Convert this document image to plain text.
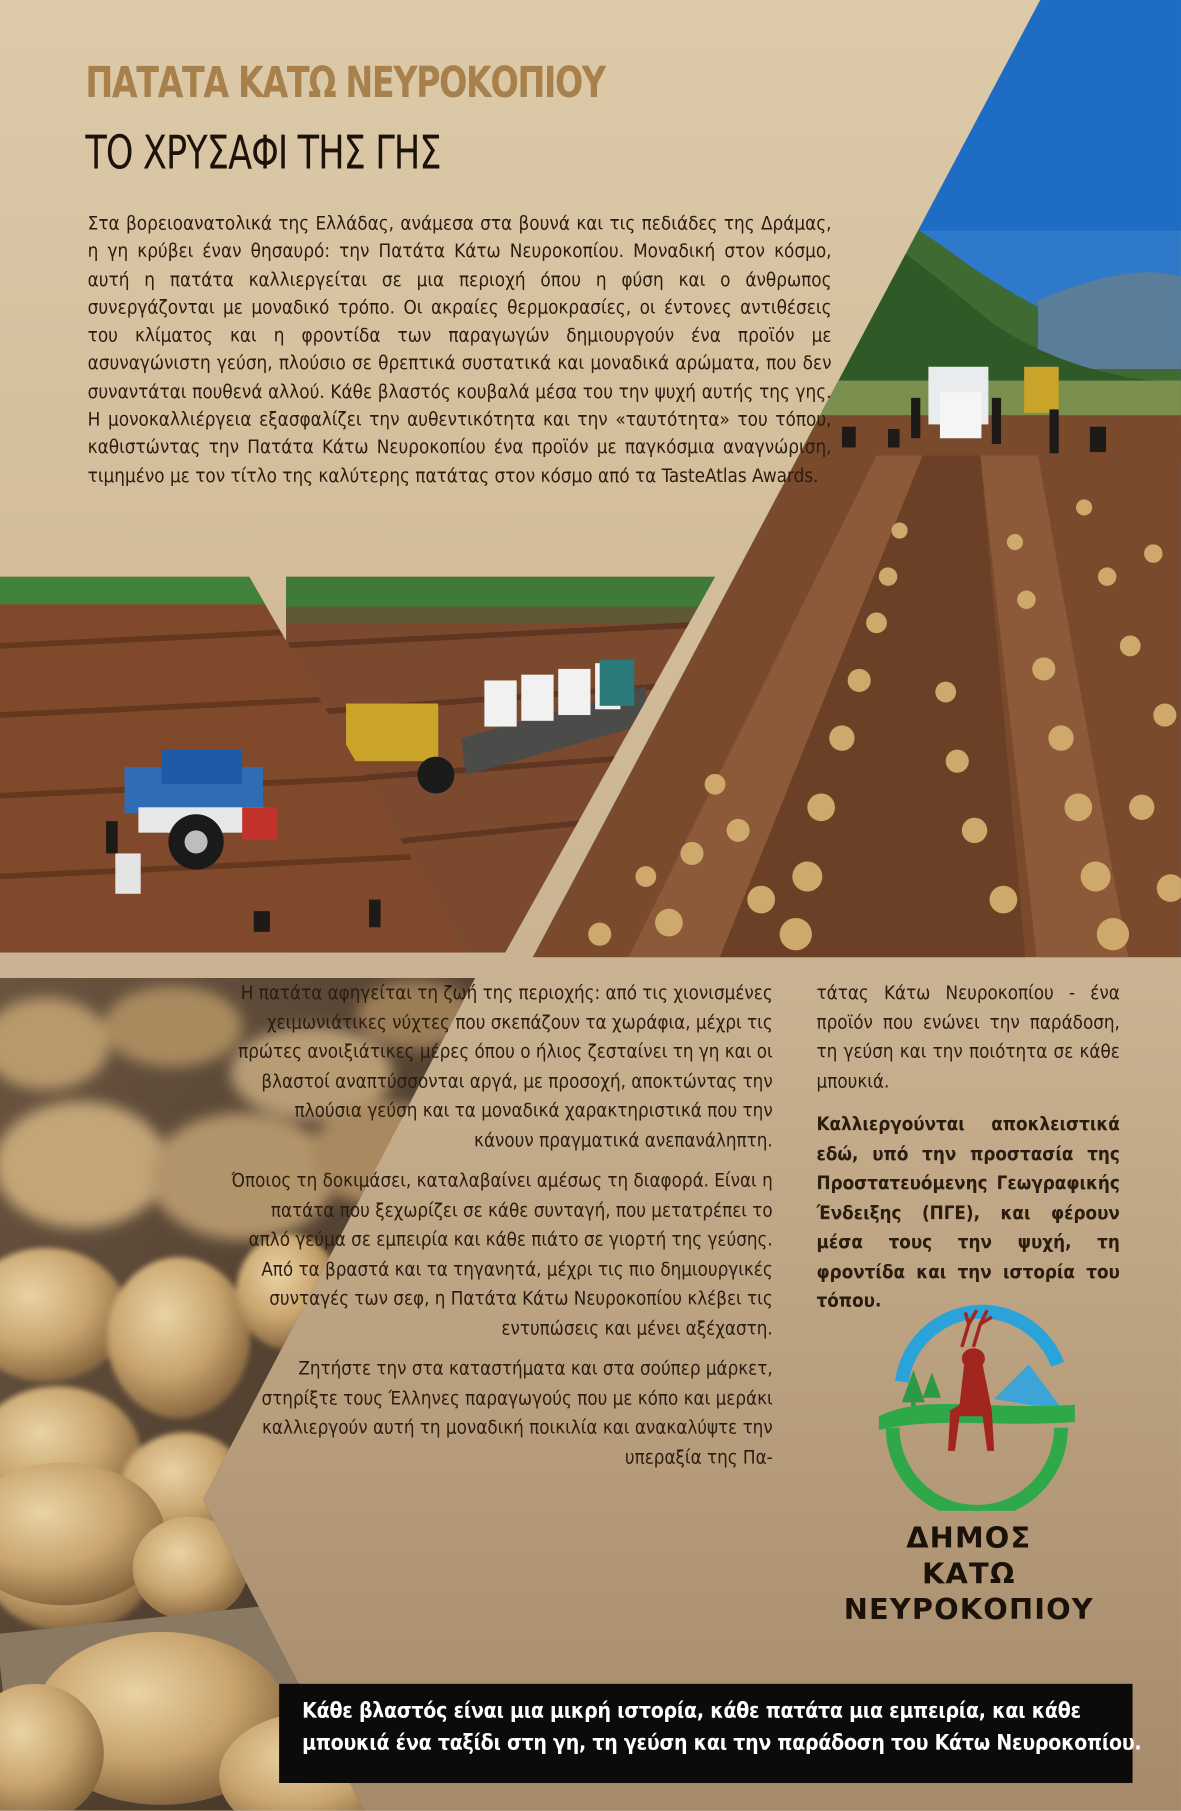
ΠΑΤΑΤΑ ΚΑΤΩ ΝΕΥΡΟΚΟΠΙΟΥ
ΤΟ ΧΡΥΣΑΦΙ ΤΗΣ ΓΗΣ
Στα βορειοανατολικά της Ελλάδας, ανάμεσα στα βουνά και τις πεδιάδες της Δράμας, η γη κρύβει έναν θησαυρό: την Πατάτα Κάτω Νευροκοπίου. Μοναδική στον κόσμο, αυτή η πατάτα καλλιεργείται σε μια περιοχή όπου η φύση και ο άνθρωπος συνεργάζονται με μοναδικό τρόπο. Οι ακραίες θερμοκρασίες, οι έντονες αντιθέσεις του κλίματος και η φροντίδα των παραγωγών δημιουργούν ένα προϊόν με ασυναγώνιστη γεύση, πλούσιο σε θρεπτικά συστατικά και μοναδικά αρώματα, που δεν συναντάται πουθενά αλλού. Κάθε βλαστός κουβαλά μέσα του την ψυχή αυτής της γης. Η μονοκαλλιέργεια εξασφαλίζει την αυθεντικότητα και την «ταυτότητα» του τόπου, καθιστώντας την Πατάτα Κάτω Νευροκοπίου ένα προϊόν με παγκόσμια αναγνώριση, τιμημένο με τον τίτλο της καλύτερης πατάτας στον κόσμο από τα TasteAtlas Awards.

Η πατάτα αφηγείται τη ζωή της περιοχής: από τις χιονισμένες χειμωνιάτικες νύχτες που σκεπάζουν τα χωράφια, μέχρι τις πρώτες ανοιξιάτικες μέρες όπου ο ήλιος ζεσταίνει τη γη και οι βλαστοί αναπτύσσονται αργά, με προσοχή, αποκτώντας την πλούσια γεύση και τα μοναδικά χαρακτηριστικά που την κάνουν πραγματικά ανεπανάληπτη.

Όποιος τη δοκιμάσει, καταλαβαίνει αμέσως τη διαφορά. Είναι η πατάτα που ξεχωρίζει σε κάθε συνταγή, που μετατρέπει το απλό γεύμα σε εμπειρία και κάθε πιάτο σε γιορτή της γεύσης. Από τα βραστά και τα τηγανητά, μέχρι τις πιο δημιουργικές συνταγές των σεφ, η Πατάτα Κάτω Νευροκοπίου κλέβει τις εντυπώσεις και μένει αξέχαστη.

Ζητήστε την στα καταστήματα και στα σούπερ μάρκετ, στηρίξτε τους Έλληνες παραγωγούς που με κόπο και μεράκι καλλιεργούν αυτή τη μοναδική ποικιλία και ανακαλύψτε την υπεραξία της Πα-

τάτας Κάτω Νευροκοπίου - ένα προϊόν που ενώνει την παράδοση, τη γεύση και την ποιότητα σε κάθε μπουκιά.

Καλλιεργούνται αποκλειστικά εδώ, υπό την προστασία της Προστατευόμενης Γεωγραφικής Ένδειξης (ΠΓΕ), και φέρουν μέσα τους την ψυχή, τη φροντίδα και την ιστορία του τόπου.

ΔΗΜΟΣ
ΚΑΤΩ
ΝΕΥΡΟΚΟΠΙΟΥ
Κάθε βλαστός είναι μια μικρή ιστορία, κάθε πατάτα μια εμπειρία, και κάθε
μπουκιά ένα ταξίδι στη γη, τη γεύση και την παράδοση του Κάτω Νευροκοπίου.
